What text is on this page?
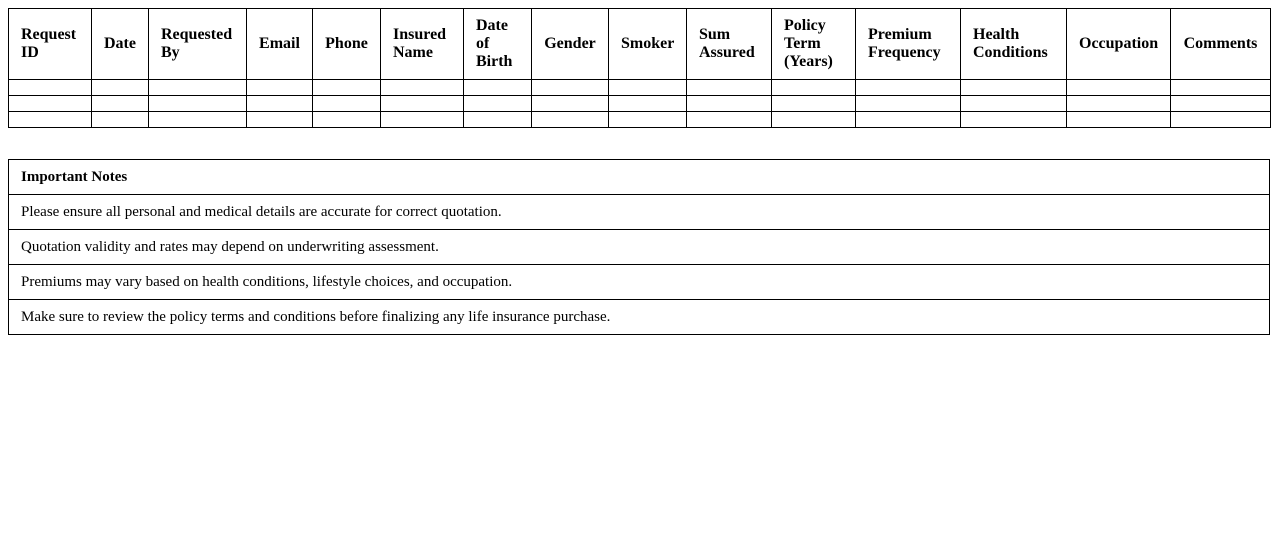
Request ID	Date	Requested By	Email	Phone	Insured Name	Date of Birth	Gender	Smoker	Sum Assured	Policy Term (Years)	Premium Frequency	Health Conditions	Occupation	Comments

Important Notes
Please ensure all personal and medical details are accurate for correct quotation.
Quotation validity and rates may depend on underwriting assessment.
Premiums may vary based on health conditions, lifestyle choices, and occupation.
Make sure to review the policy terms and conditions before finalizing any life insurance purchase.
